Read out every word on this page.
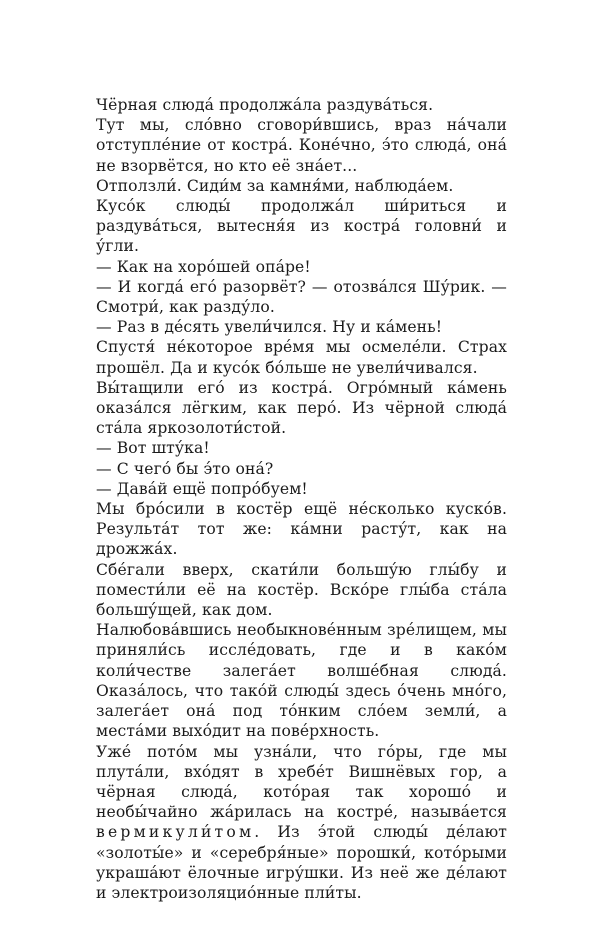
Чёрная слюда́ продолжа́ла раздува́ться.

Тут мы, сло́вно сговори́вшись, враз на́чали отступле́ние от костра́. Коне́чно, э́то слюда́, она́ не взорвётся, но кто её зна́ет...

Отползли́. Сиди́м за камня́ми, наблюда́ем.

Кусо́к слюды́ продолжа́л ши́риться и раздува́ться, вытесня́я из костра́ головни́ и у́гли.

— Как на хоро́шей опа́ре!

— И когда́ его́ разорвёт? — отозва́лся Шу́рик. — Смотри́, как разду́ло.

— Раз в де́сять увели́чился. Ну и ка́мень!

Спустя́ не́которое вре́мя мы осмеле́ли. Страх прошёл. Да и кусо́к бо́льше не увели́чивался.

Вы́тащили его́ из костра́. Огро́мный ка́мень оказа́лся лёгким, как перо́. Из чёрной слюда́ ста́ла яркозолоти́стой.

— Вот шту́ка!

— С чего́ бы э́то она́?

— Дава́й ещё попро́буем!

Мы бро́сили в костёр ещё не́сколько куско́в. Результа́т тот же: ка́мни расту́т, как на дрожжа́х.

Сбе́гали вверх, скати́ли большу́ю глы́бу и помести́ли её на костёр. Вско́ре глы́ба ста́ла большу́щей, как дом.

Налюбова́вшись необыкнове́нным зре́лищем, мы приняли́сь иссле́довать, где и в како́м коли́честве залега́ет волше́бная слюда́. Оказа́лось, что тако́й слюды́ здесь о́чень мно́го, залега́ет она́ под то́нким сло́ем земли́, а места́ми выхо́дит на пове́рхность.

Уже́ пото́м мы узна́ли, что го́ры, где мы плута́ли, вхо́дят в хребе́т Вишнёвых гор, а чёрная слюда́, кото́рая так хорошо́ и необы́чайно жа́рилась на костре́, называ́ется вермикули́том. Из э́той слюды́ де́лают «золоты́е» и «серебря́ные» порошки́, кото́рыми украша́ют ёлочные игру́шки. Из неё же де́лают и электроизоляцио́нные пли́ты.
